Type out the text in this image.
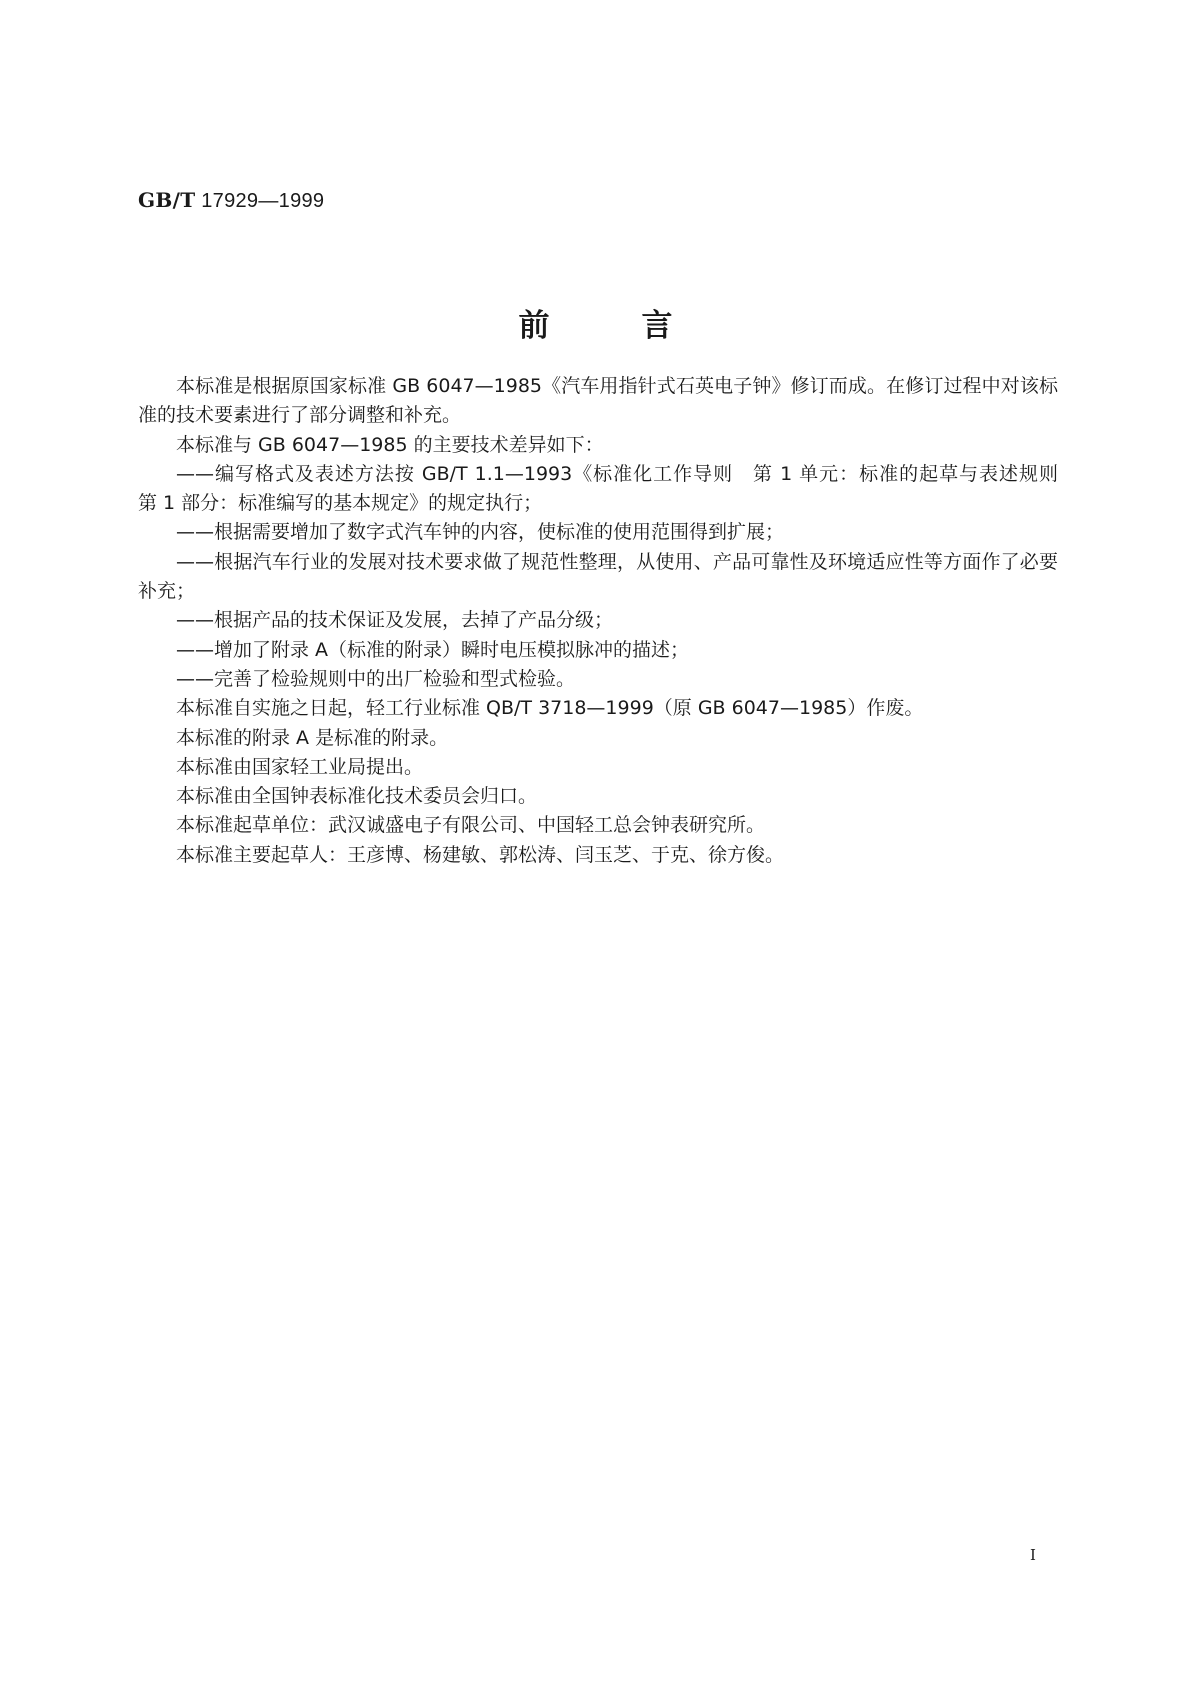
GB/T 17929—1999
前言

本标准是根据原国家标准 GB 6047—1985《汽车用指针式石英电子钟》修订而成。在修订过程中对该标准的技术要素进行了部分调整和补充。

本标准与 GB 6047—1985 的主要技术差异如下：

——编写格式及表述方法按 GB/T 1.1—1993《标准化工作导则　第 1 单元：标准的起草与表述规则　第 1 部分：标准编写的基本规定》的规定执行；

——根据需要增加了数字式汽车钟的内容，使标准的使用范围得到扩展；

——根据汽车行业的发展对技术要求做了规范性整理，从使用、产品可靠性及环境适应性等方面作了必要补充；

——根据产品的技术保证及发展，去掉了产品分级；

——增加了附录 A（标准的附录）瞬时电压模拟脉冲的描述；

——完善了检验规则中的出厂检验和型式检验。

本标准自实施之日起，轻工行业标准 QB/T 3718—1999（原 GB 6047—1985）作废。

本标准的附录 A 是标准的附录。

本标准由国家轻工业局提出。

本标准由全国钟表标准化技术委员会归口。

本标准起草单位：武汉诚盛电子有限公司、中国轻工总会钟表研究所。

本标准主要起草人：王彦博、杨建敏、郭松涛、闫玉芝、于克、徐方俊。

I
